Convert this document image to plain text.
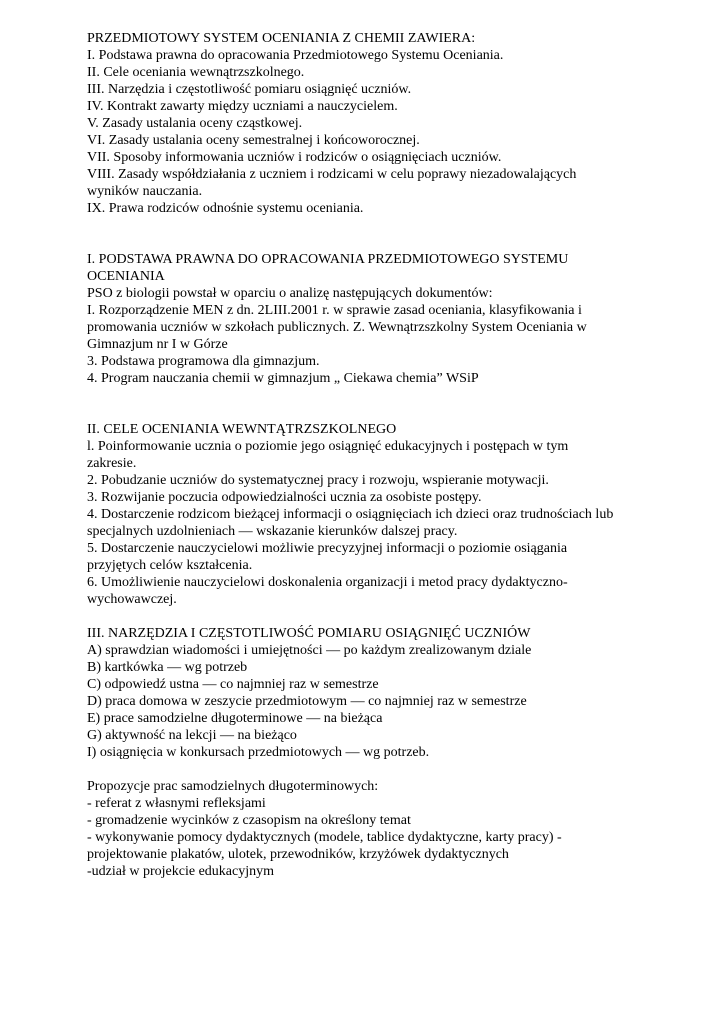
PRZEDMIOTOWY SYSTEM OCENIANIA Z CHEMII ZAWIERA:
I. Podstawa prawna do opracowania Przedmiotowego Systemu Oceniania.
II. Cele oceniania wewnątrzszkolnego.
III. Narzędzia i częstotliwość pomiaru osiągnięć uczniów.
IV. Kontrakt zawarty między uczniami a nauczycielem.
V. Zasady ustalania oceny cząstkowej.
VI. Zasady ustalania oceny semestralnej i końcoworocznej.
VII. Sposoby informowania uczniów i rodziców o osiągnięciach uczniów.
VIII. Zasady współdziałania z uczniem i rodzicami w celu poprawy niezadowalających
wyników nauczania.
IX. Prawa rodziców odnośnie systemu oceniania.
I. PODSTAWA PRAWNA DO OPRACOWANIA PRZEDMIOTOWEGO SYSTEMU
OCENIANIA
PSO z biologii powstał w oparciu o analizę następujących dokumentów:
I. Rozporządzenie MEN z dn. 2LIII.2001 r. w sprawie zasad oceniania, klasyfikowania i
promowania uczniów w szkołach publicznych. Z. Wewnątrzszkolny System Oceniania w
Gimnazjum nr I w Górze
3. Podstawa programowa dla gimnazjum.
4. Program nauczania chemii w gimnazjum „ Ciekawa chemia” WSiP
II. CELE OCENIANIA WEWNTĄTRZSZKOLNEGO
l. Poinformowanie ucznia o poziomie jego osiągnięć edukacyjnych i postępach w tym
zakresie.
2. Pobudzanie uczniów do systematycznej pracy i rozwoju, wspieranie motywacji.
3. Rozwijanie poczucia odpowiedzialności ucznia za osobiste postępy.
4. Dostarczenie rodzicom bieżącej informacji o osiągnięciach ich dzieci oraz trudnościach lub
specjalnych uzdolnieniach — wskazanie kierunków dalszej pracy.
5. Dostarczenie nauczycielowi możliwie precyzyjnej informacji o poziomie osiągania
przyjętych celów kształcenia.
6. Umożliwienie nauczycielowi doskonalenia organizacji i metod pracy dydaktyczno-
wychowawczej.
III. NARZĘDZIA I CZĘSTOTLIWOŚĆ POMIARU OSIĄGNIĘĆ UCZNIÓW
A) sprawdzian wiadomości i umiejętności — po każdym zrealizowanym dziale
B) kartkówka — wg potrzeb
C) odpowiedź ustna — co najmniej raz w semestrze
D) praca domowa w zeszycie przedmiotowym — co najmniej raz w semestrze
E) prace samodzielne długoterminowe — na bieżąca
G) aktywność na lekcji — na bieżąco
I) osiągnięcia w konkursach przedmiotowych — wg potrzeb.
Propozycje prac samodzielnych długoterminowych:
- referat z własnymi refleksjami
- gromadzenie wycinków z czasopism na określony temat
- wykonywanie pomocy dydaktycznych (modele, tablice dydaktyczne, karty pracy) -
projektowanie plakatów, ulotek, przewodników, krzyżówek dydaktycznych
-udział w projekcie edukacyjnym
